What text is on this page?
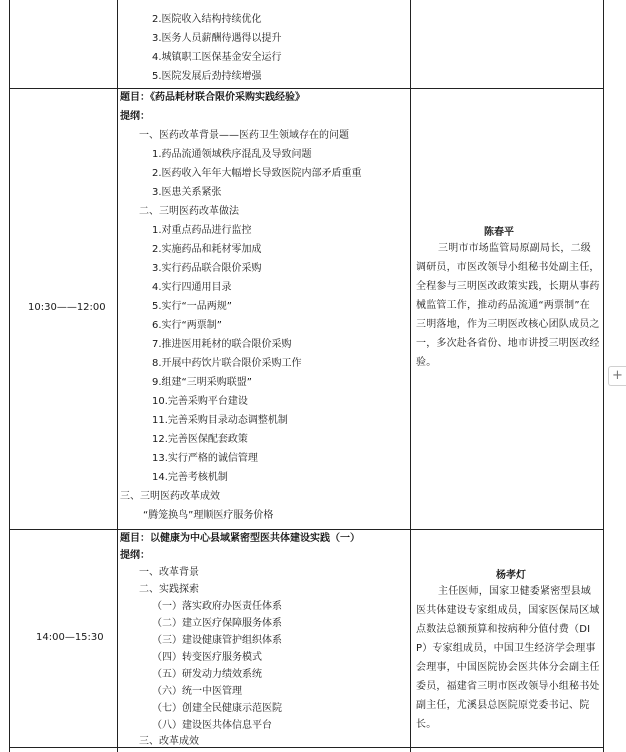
2.医院收入结构持续优化
3.医务人员薪酬待遇得以提升
4.城镇职工医保基金安全运行
5.医院发展后劲持续增强
10:30——12:00
题目：《药品耗材联合限价采购实践经验》
提纲：
一、医药改革背景——医药卫生领域存在的问题
1.药品流通领域秩序混乱及导致问题
2.医药收入年年大幅增长导致医院内部矛盾重重
3.医患关系紧张
二、三明医药改革做法
1.对重点药品进行监控
2.实施药品和耗材零加成
3.实行药品联合限价采购
4.实行四通用目录
5.实行“一品两规”
6.实行“两票制”
7.推进医用耗材的联合限价采购
8.开展中药饮片联合限价采购工作
9.组建“三明采购联盟”
10.完善采购平台建设
11.完善采购目录动态调整机制
12.完善医保配套政策
13.实行严格的诚信管理
14.完善考核机制
三、三明医药改革成效
“腾笼换鸟”理顺医疗服务价格
陈春平
三明市市场监管局原副局长，二级调研员，市医改领导小组秘书处副主任，全程参与三明医改政策实践，长期从事药械监管工作，推动药品流通“两票制”在三明落地，作为三明医改核心团队成员之一，多次赴各省份、地市讲授三明医改经验。
14:00—15:30
题目：以健康为中心县域紧密型医共体建设实践（一）
提纲：
一、改革背景
二、实践探索
（一）落实政府办医责任体系
（二）建立医疗保障服务体系
（三）建设健康管护组织体系
（四）转变医疗服务模式
（五）研发动力绩效系统
（六）统一中医管理
（七）创建全民健康示范医院
（八）建设医共体信息平台
三、改革成效
杨孝灯
主任医师，国家卫健委紧密型县域医共体建设专家组成员，国家医保局区域点数法总额预算和按病种分值付费（DIP）专家组成员，中国卫生经济学会理事会理事，中国医院协会医共体分会副主任委员，福建省三明市医改领导小组秘书处副主任，尤溪县总医院原党委书记、院长。
+
